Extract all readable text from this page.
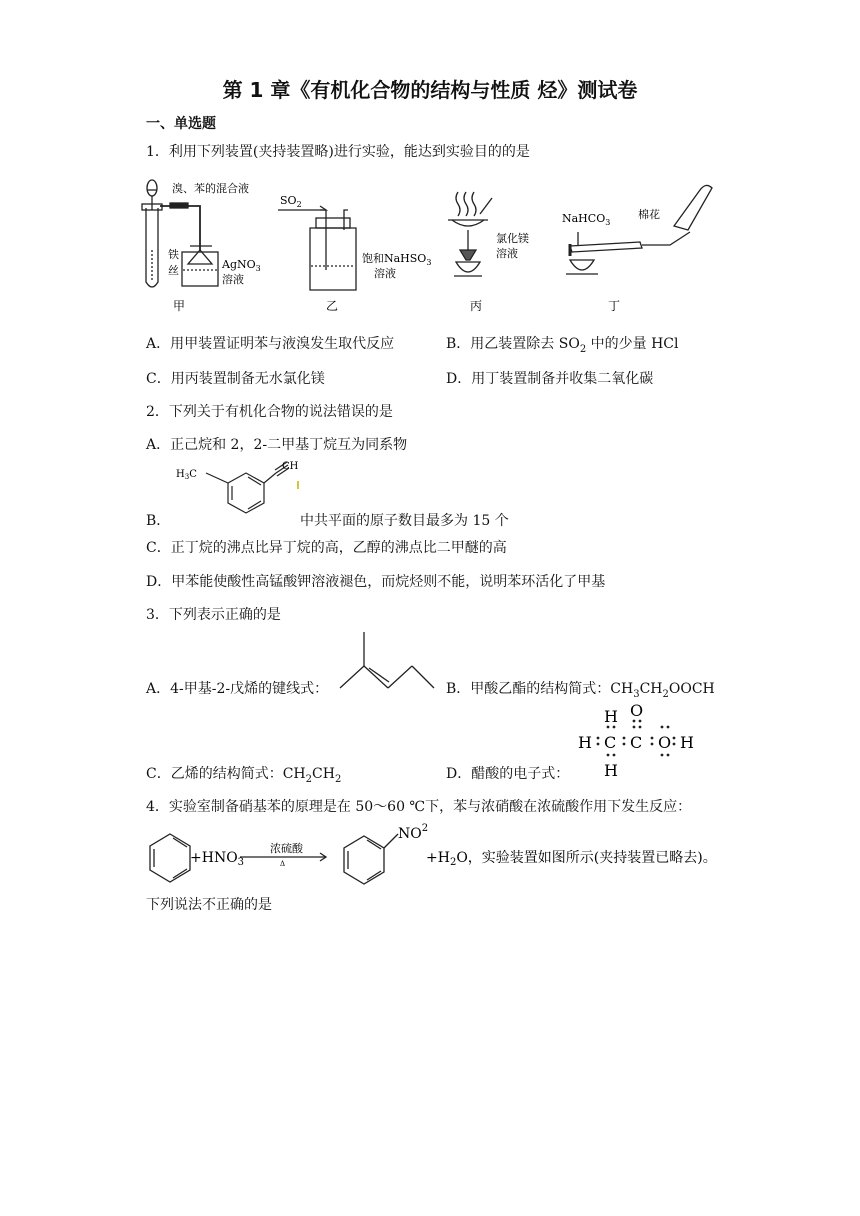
第 1 章《有机化合物的结构与性质 烃》测试卷
一、单选题
1．利用下列装置(夹持装置略)进行实验，能达到实验目的的是
溴、苯的混合液
铁
丝	AgNO$_3$
溶液
甲
$SO_2$
饱和NaHSO$_3$
溶液
乙
氯化镁
溶液
丙
NaHCO$_3$
棉花
丁
A．用甲装置证明苯与液溴发生取代反应	B．用乙装置除去 $SO_2$ 中的少量 HCl
C．用丙装置制备无水氯化镁	D．用丁装置制备并收集二氧化碳
2．下列关于有机化合物的说法错误的是
A．正己烷和 2，2-二甲基丁烷互为同系物
$H_3C$
CH
B．	中共平面的原子数目最多为 15 个
C．正丁烷的沸点比异丁烷的高，乙醇的沸点比二甲醚的高
D．甲苯能使酸性高锰酸钾溶液褪色，而烷烃则不能，说明苯环活化了甲基
3．下列表示正确的是
A．4-甲基-2-戊烯的键线式：	B．甲酸乙酯的结构简式：$CH_3CH_2OOCH$
C．乙烯的结构简式：$CH_2CH_2$	D．醋酸的电子式：
H O
H C C O H
H
4．实验室制备硝基苯的原理是在 50～60 ℃下，苯与浓硝酸在浓硫酸作用下发生反应：
$+HNO_3$
浓硫酸
Δ
$NO^2$
$+H_2O$，实验装置如图所示(夹持装置已略去)。
下列说法不正确的是
